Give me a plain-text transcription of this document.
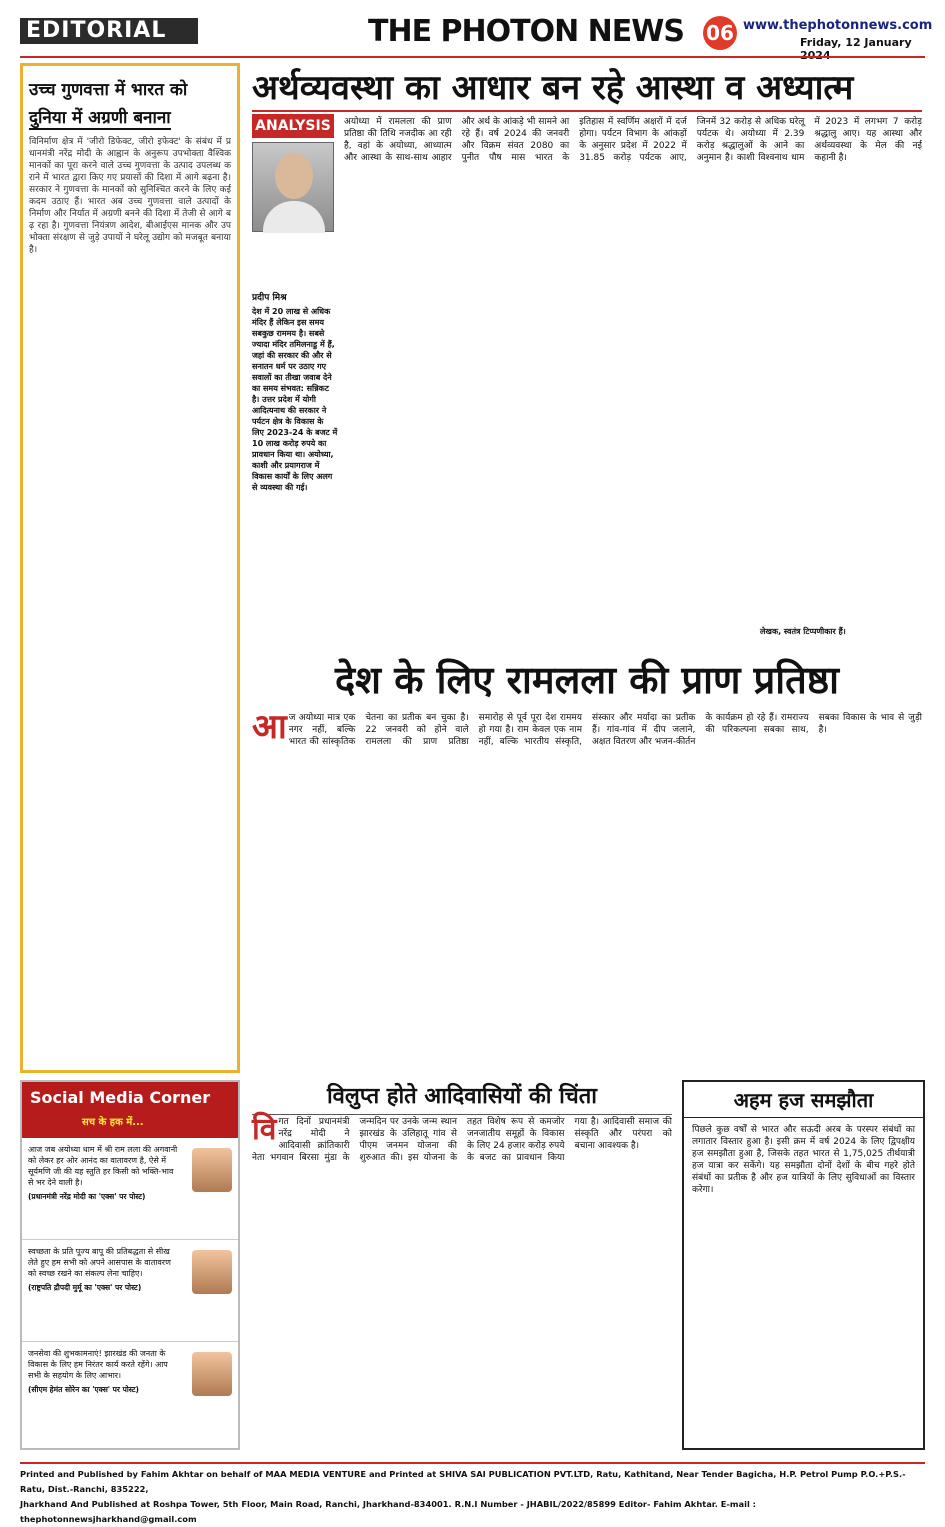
EDITORIAL	THE PHOTON NEWS 06 www.thephotonnews.com
Friday, 12 January
उच्च गुणवत्ता में भारत को
दुनिया में अग्रणी बनाना
विनिर्माण क्षेत्र में 'जीरो डिफेक्ट, जीरो इफेक्ट' के संबंध में प्रधानमंत्री नरेंद्र मोदी के आह्वान के अनुरूप उपभोक्ता वैश्विक मानकों का पूरा करने वाले उच्च गुणवत्ता के उत्पाद उपलब्ध कराने में भारत द्वारा किए गए प्रयासों की दिशा में आगे बढ़ना है। सरकार ने गुणवत्ता के मानकों को सुनिश्चित करने के लिए कई कदम उठाए हैं। भारत अब उच्च गुणवत्ता वाले उत्पादों के निर्माण और निर्यात में अग्रणी बनने की दिशा में तेजी से आगे बढ़ रहा है। गुणवत्ता नियंत्रण आदेश, बीआईएस मानक और उपभोक्ता संरक्षण से जुड़े उपायों ने घरेलू उद्योग को मजबूत बनाया है।
अर्थव्यवस्था का आधार बन रहे आस्था व अध्यात्म
ANALYSIS
प्रदीप मिश्र
देश में 20 लाख से अधिक मंदिर हैं लेकिन इस समय सबकुछ राममय है। सबसे ज्यादा मंदिर तमिलनाडु में हैं, जहां की सरकार की और से सनातन धर्म पर उठाए गए सवालों का तीखा जवाब देने का समय संभवत: सन्निकट है। उत्तर प्रदेश में योगी आदित्यनाथ की सरकार ने पर्यटन क्षेत्र के विकास के लिए 2023-24 के बजट में 10 लाख करोड़ रुपये का प्रावधान किया था। अयोध्या, काशी और प्रयागराज में विकास कार्यों के लिए अलग से व्यवस्था की गई।
अयोध्या में रामलला की प्राण प्रतिष्ठा की तिथि नजदीक आ रही है, वहां के अयोध्या, आध्यात्म और आस्था के साथ-साथ आहार और अर्थ के आंकड़े भी सामने आ रहे हैं। वर्ष 2024 की जनवरी और विक्रम संवत 2080 का पुनीत पौष मास भारत के इतिहास में स्वर्णिम अक्षरों में दर्ज होगा। पर्यटन विभाग के आंकड़ों के अनुसार प्रदेश में 2022 में 31.85 करोड़ पर्यटक आए, जिनमें 32 करोड़ से अधिक घरेलू पर्यटक थे। अयोध्या में 2.39 करोड़ श्रद्धालुओं के आने का अनुमान है। काशी विश्वनाथ धाम में 2023 में लगभग 7 करोड़ श्रद्धालु आए। यह आस्था और अर्थव्यवस्था के मेल की नई कहानी है।
लेखक, स्वतंत्र टिप्पणीकार हैं।
देश के लिए रामलला की प्राण प्रतिष्ठा
आ ज अयोध्या मात्र एक नगर नहीं, बल्कि भारत की सांस्कृतिक चेतना का प्रतीक बन चुका है। 22 जनवरी को होने वाले रामलला की प्राण प्रतिष्ठा समारोह से पूर्व पूरा देश राममय हो गया है। राम केवल एक नाम नहीं, बल्कि भारतीय संस्कृति, संस्कार और मर्यादा का प्रतीक हैं। गांव-गांव में दीप जलाने, अक्षत वितरण और भजन-कीर्तन के कार्यक्रम हो रहे हैं। रामराज्य की परिकल्पना सबका साथ, सबका विकास के भाव से जुड़ी है।
Social Media Corner
सच के हक में...
आज जब अयोध्या धाम में श्री राम लला की अगवानी को लेकर हर ओर आनंद का वातावरण है, ऐसे में सूर्यमणि जी की यह स्तुति हर किसी को भक्ति-भाव से भर देने वाली है।
(प्रधानमंत्री नरेंद्र मोदी का 'एक्स' पर पोस्ट)
स्वच्छता के प्रति पूज्य बापू की प्रतिबद्धता से सीख लेते हुए हम सभी को अपने आसपास के वातावरण को स्वच्छ रखने का संकल्प लेना चाहिए।
(राष्ट्रपति द्रौपदी मुर्मू का 'एक्स' पर पोस्ट)
जनसेवा की शुभकामनाएं! झारखंड की जनता के विकास के लिए हम निरंतर कार्य करते रहेंगे। आप सभी के सहयोग के लिए आभार।
(सीएम हेमंत सोरेन का 'एक्स' पर पोस्ट)
विलुप्त होते आदिवासियों की चिंता
वि गत दिनों प्रधानमंत्री नरेंद्र मोदी ने आदिवासी क्रांतिकारी नेता भगवान बिरसा मुंडा के जन्मदिन पर उनके जन्म स्थान झारखंड के उलिहातू गांव से पीएम जनमन योजना की शुरुआत की। इस योजना के तहत विशेष रूप से कमजोर जनजातीय समूहों के विकास के लिए 24 हजार करोड़ रुपये के बजट का प्रावधान किया गया है। आदिवासी समाज की संस्कृति और परंपरा को बचाना आवश्यक है।
अहम हज समझौता
पिछले कुछ वर्षों से भारत और सऊदी अरब के परस्पर संबंधों का लगातार विस्तार हुआ है। इसी क्रम में वर्ष 2024 के लिए द्विपक्षीय हज समझौता हुआ है, जिसके तहत भारत से 1,75,025 तीर्थयात्री हज यात्रा कर सकेंगे। यह समझौता दोनों देशों के बीच गहरे होते संबंधों का प्रतीक है और हज यात्रियों के लिए सुविधाओं का विस्तार करेगा।
Printed and Published by Fahim Akhtar on behalf of MAA MEDIA VENTURE and Printed at SHIVA SAI PUBLICATION PVT.LTD, Ratu, Kathitand, Near Tender Bagicha, H.P. Petrol Pump P.O.+P.S.- Ratu, Dist.-Ranchi, 835222,
Jharkhand And Published at Roshpa Tower, 5th Floor, Main Road, Ranchi, Jharkhand-834001. R.N.I Number - JHABIL/2022/85899 Editor- Fahim Akhtar. E-mail : thephotonnewsjharkhand@gmail.com
